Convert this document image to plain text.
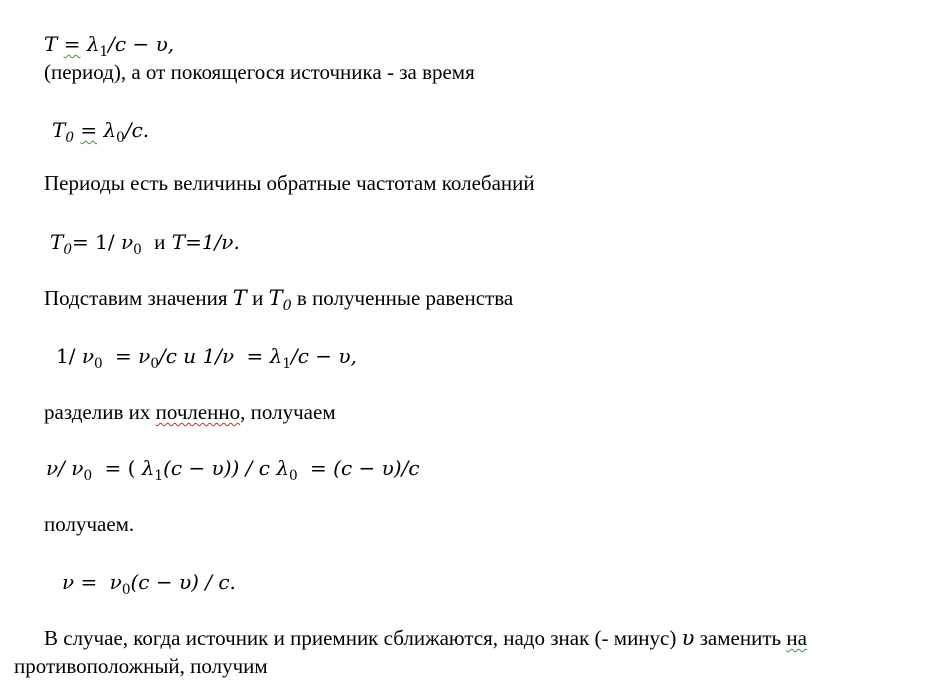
$T = \lambda_1/c - \upsilon$,
(период), а от покоящегося источника - за время
$T_0 = \lambda_0/c$.
Периоды есть величины обратные частотам колебаний
$T_0= 1/$ $\nu_0$ и T=1/ν.
Подставим значения T и $T_0$ в полученные равенства
1/ $\nu_0 = \nu_0/c$ и $1/\nu = \lambda_1/c - \upsilon$,
разделив их почленно, получаем
ν/ $\nu_0$ = ( $\lambda_1(c - \upsilon)) / c$ $\lambda_0 = (c - \upsilon)/c$
получаем.
$\nu = \nu_0(c - \upsilon) / c$.
В случае, когда источник и приемник сближаются, надо знак (- минус) υ заменить на
противоположный, получим
